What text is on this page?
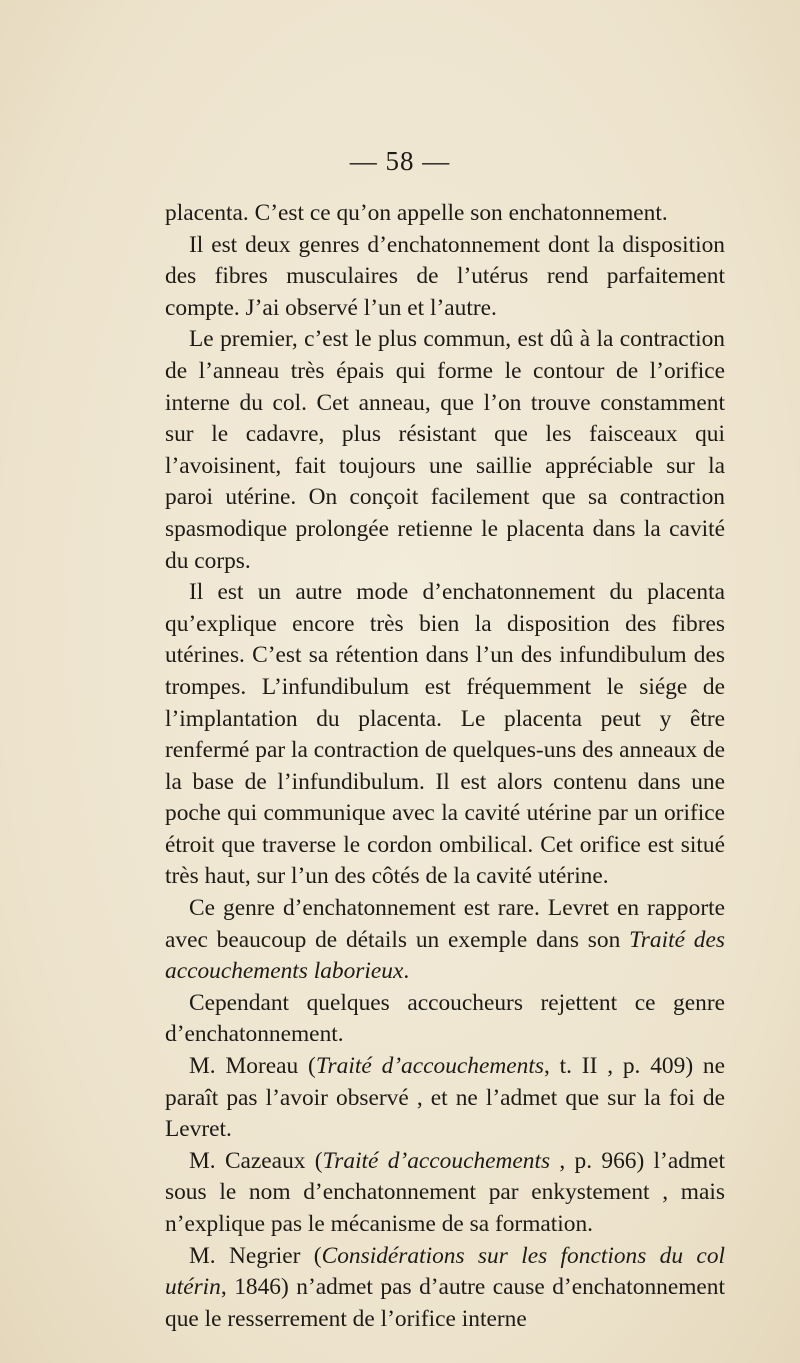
— 58 —

placenta. C’est ce qu’on appelle son enchatonnement.

Il est deux genres d’enchatonnement dont la disposition des fibres musculaires de l’utérus rend parfaitement compte. J’ai observé l’un et l’autre.

Le premier, c’est le plus commun, est dû à la contraction de l’anneau très épais qui forme le contour de l’orifice interne du col. Cet anneau, que l’on trouve constamment sur le cadavre, plus résistant que les faisceaux qui l’avoisinent, fait toujours une saillie appréciable sur la paroi utérine. On conçoit facilement que sa contraction spasmodique prolongée retienne le placenta dans la cavité du corps.

Il est un autre mode d’enchatonnement du placenta qu’explique encore très bien la disposition des fibres utérines. C’est sa rétention dans l’un des infundibulum des trompes. L’infundibulum est fréquemment le siége de l’implantation du placenta. Le placenta peut y être renfermé par la contraction de quelques-uns des anneaux de la base de l’infundibulum. Il est alors contenu dans une poche qui communique avec la cavité utérine par un orifice étroit que traverse le cordon ombilical. Cet orifice est situé très haut, sur l’un des côtés de la cavité utérine.

Ce genre d’enchatonnement est rare. Levret en rapporte avec beaucoup de détails un exemple dans son Traité des accouchements laborieux.

Cependant quelques accoucheurs rejettent ce genre d’enchatonnement.

M. Moreau (Traité d’accouchements, t. II , p. 409) ne paraît pas l’avoir observé , et ne l’admet que sur la foi de Levret.

M. Cazeaux (Traité d’accouchements , p. 966) l’admet sous le nom d’enchatonnement par enkystement , mais n’explique pas le mécanisme de sa formation.

M. Negrier (Considérations sur les fonctions du col utérin, 1846) n’admet pas d’autre cause d’enchatonnement que le resserrement de l’orifice interne
